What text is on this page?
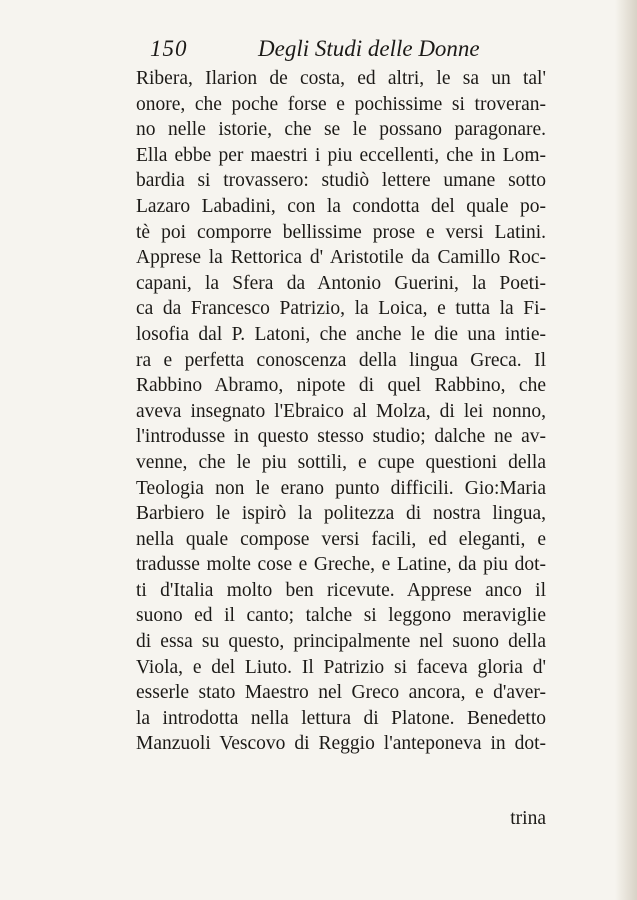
150	Degli Studi delle Donne
Ribera, Ilarion de costa, ed altri, le sa un tal'
onore, che poche forse e pochissime si troveran-
no nelle istorie, che se le possano paragonare.
Ella ebbe per maestri i piu eccellenti, che in Lom-
bardia si trovassero: studiò lettere umane sotto
Lazaro Labadini, con la condotta del quale po-
tè poi comporre bellissime prose e versi Latini.
Apprese la Rettorica d' Aristotile da Camillo Roc-
capani, la Sfera da Antonio Guerini, la Poeti-
ca da Francesco Patrizio, la Loica, e tutta la Fi-
losofia dal P. Latoni, che anche le die una intie-
ra e perfetta conoscenza della lingua Greca. Il
Rabbino Abramo, nipote di quel Rabbino, che
aveva insegnato l'Ebraico al Molza, di lei nonno,
l'introdusse in questo stesso studio; dalche ne av-
venne, che le piu sottili, e cupe questioni della
Teologia non le erano punto difficili. Gio:Maria
Barbiero le ispirò la politezza di nostra lingua,
nella quale compose versi facili, ed eleganti, e
tradusse molte cose e Greche, e Latine, da piu dot-
ti d'Italia molto ben ricevute. Apprese anco il
suono ed il canto; talche si leggono meraviglie
di essa su questo, principalmente nel suono della
Viola, e del Liuto. Il Patrizio si faceva gloria d'
esserle stato Maestro nel Greco ancora, e d'aver-
la introdotta nella lettura di Platone. Benedetto
Manzuoli Vescovo di Reggio l'anteponeva in dot-
trina
